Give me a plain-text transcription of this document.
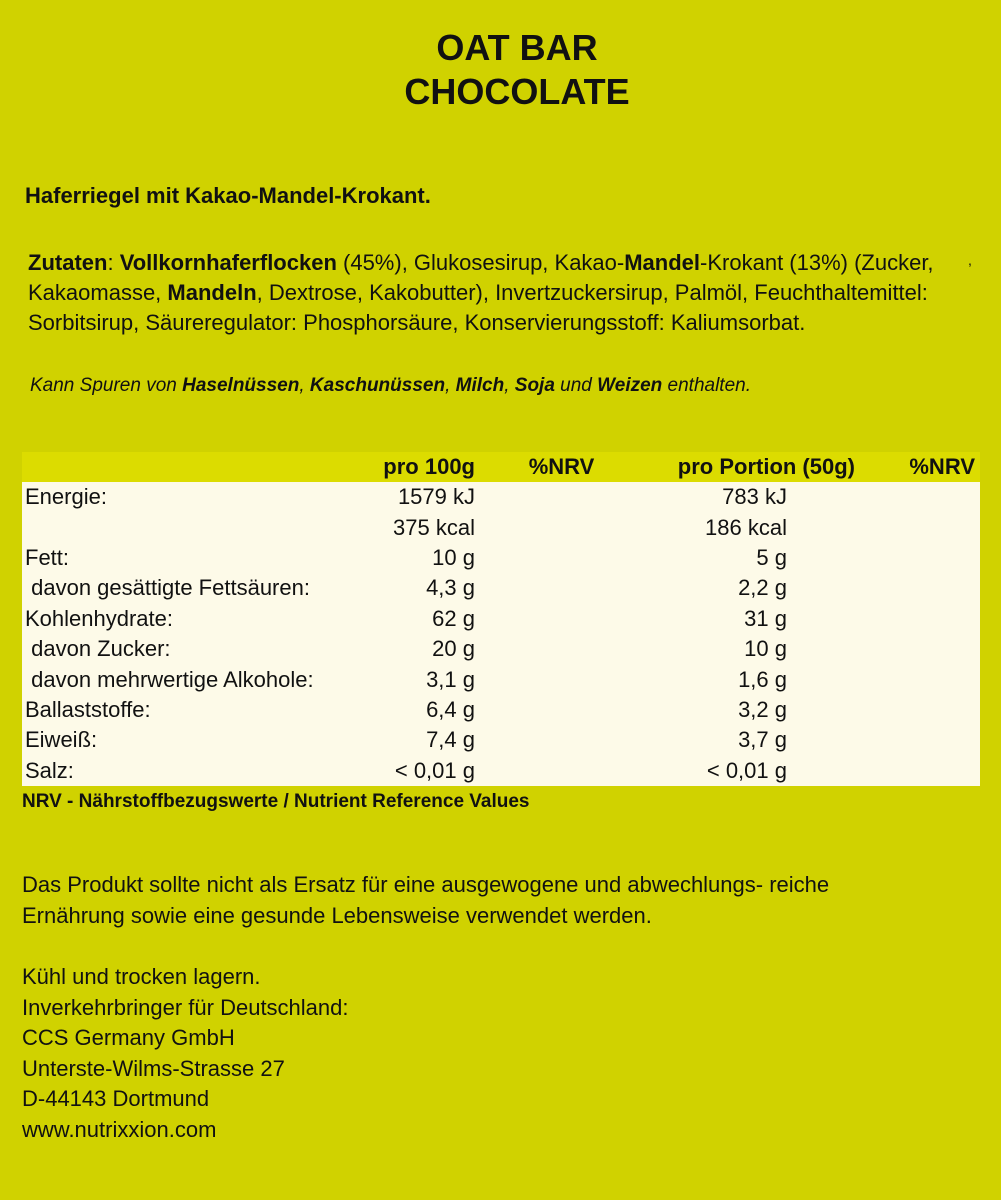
OAT BAR
CHOCOLATE
Haferriegel mit Kakao-Mandel-Krokant.
Zutaten: Vollkornhaferflocken (45%), Glukosesirup, Kakao-Mandel-Krokant (13%) (Zucker, Kakaomasse, Mandeln, Dextrose, Kakobutter), Invertzuckersirup, Palmöl, Feuchthaltemittel: Sorbitsirup, Säureregulator: Phosphorsäure, Konservierungsstoff: Kaliumsorbat.
,
Kann Spuren von Haselnüssen, Kaschunüssen, Milch, Soja und Weizen enthalten.
	pro 100g	%NRV	pro Portion (50g)	%NRV
Energie:	1579 kJ		783 kJ	
	375 kcal		186 kcal	
Fett:	10 g		5 g	
davon gesättigte Fettsäuren:	4,3 g		2,2 g	
Kohlenhydrate:	62 g		31 g	
davon Zucker:	20 g		10 g	
davon mehrwertige Alkohole:	3,1 g		1,6 g	
Ballaststoffe:	6,4 g		3,2 g	
Eiweiß:	7,4 g		3,7 g	
Salz:	< 0,01 g		< 0,01 g	
NRV - Nährstoffbezugswerte / Nutrient Reference Values
Das Produkt sollte nicht als Ersatz für eine ausgewogene und abwechlungs- reiche
Ernährung sowie eine gesunde Lebensweise verwendet werden.
Kühl und trocken lagern.
Inverkehrbringer für Deutschland:
CCS Germany GmbH
Unterste-Wilms-Strasse 27
D-44143 Dortmund
www.nutrixxion.com
